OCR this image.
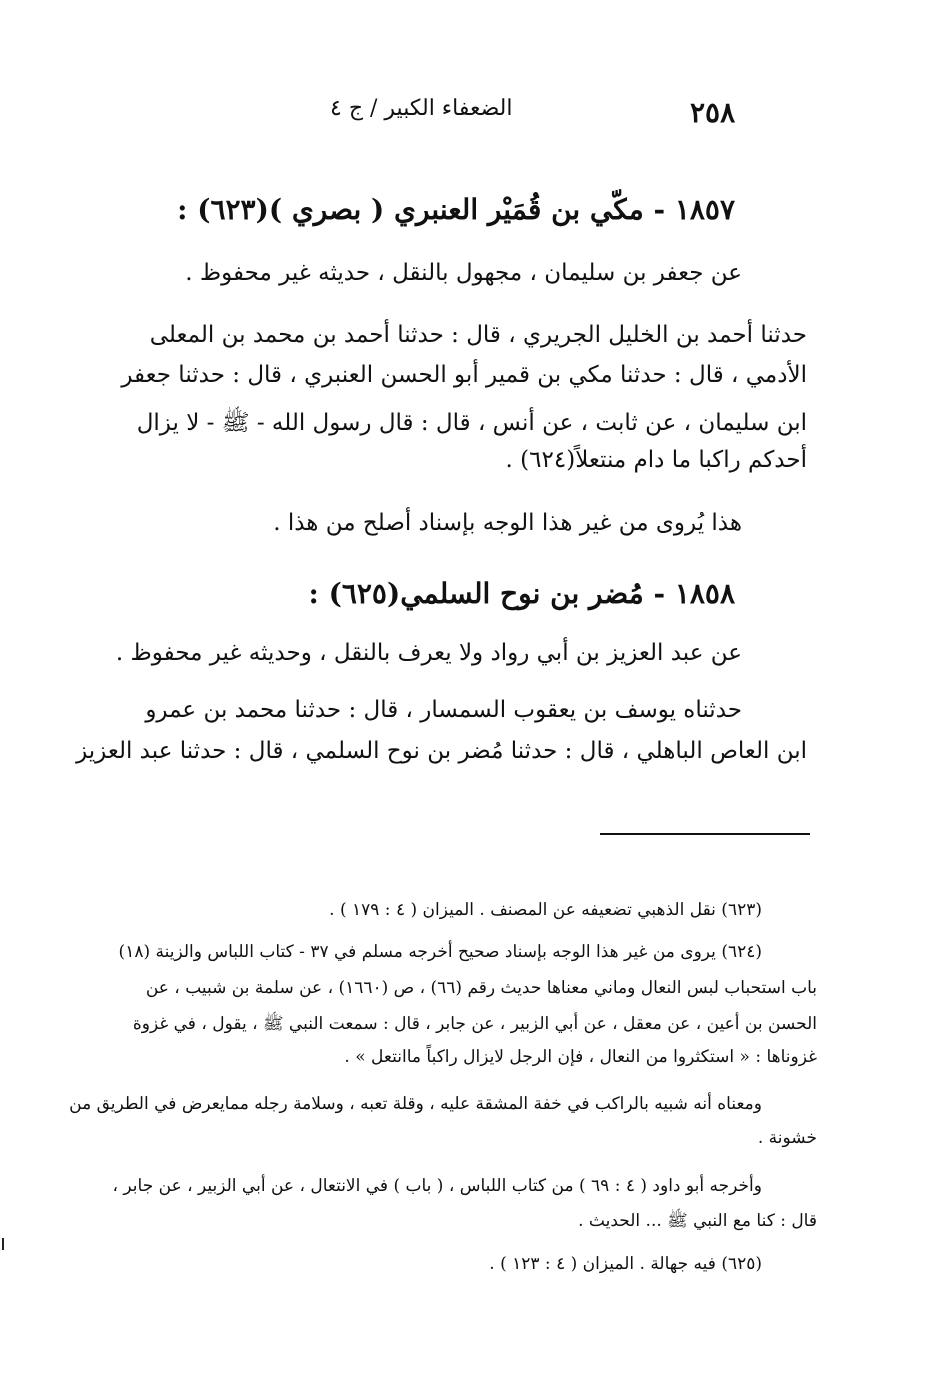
٢٥٨
الضعفاء الكبير / ج ٤
١٨٥٧ - مكّي بن قُمَيْر العنبري ( بصري )(٦٢٣) :
عن جعفر بن سليمان ، مجهول بالنقل ، حديثه غير محفوظ .
حدثنا أحمد بن الخليل الجريري ، قال : حدثنا أحمد بن محمد بن المعلى
الأدمي ، قال : حدثنا مكي بن قمير أبو الحسن العنبري ، قال : حدثنا جعفر
ابن سليمان ، عن ثابت ، عن أنس ، قال : قال رسول الله - ﷺ - لا يزال
أحدكم راكبا ما دام منتعلاً(٦٢٤) .
هذا يُروى من غير هذا الوجه بإسناد أصلح من هذا .
١٨٥٨ - مُضر بن نوح السلمي(٦٢٥) :
عن عبد العزيز بن أبي رواد ولا يعرف بالنقل ، وحديثه غير محفوظ .
حدثناه يوسف بن يعقوب السمسار ، قال : حدثنا محمد بن عمرو
ابن العاص الباهلي ، قال : حدثنا مُضر بن نوح السلمي ، قال : حدثنا عبد العزيز
(٦٢٣) نقل الذهبي تضعيفه عن المصنف . الميزان ( ٤ : ١٧٩ ) .
(٦٢٤) يروى من غير هذا الوجه بإسناد صحيح أخرجه مسلم في ٣٧ - كتاب اللباس والزينة (١٨)
باب استحباب لبس النعال وماني معناها حديث رقم (٦٦) ، ص (١٦٦٠) ، عن سلمة بن شبيب ، عن
الحسن بن أعين ، عن معقل ، عن أبي الزبير ، عن جابر ، قال : سمعت النبي ﷺ ، يقول ، في غزوة
غزوناها : « استكثروا من النعال ، فإن الرجل لايزال راكباً ماانتعل » .
ومعناه أنه شبيه بالراكب في خفة المشقة عليه ، وقلة تعبه ، وسلامة رجله ممايعرض في الطريق من
خشونة .
وأخرجه أبو داود ( ٤ : ٦٩ ) من كتاب اللباس ، ( باب ) في الانتعال ، عن أبي الزبير ، عن جابر ،
قال : كنا مع النبي ﷺ ... الحديث .
(٦٢٥) فيه جهالة . الميزان ( ٤ : ١٢٣ ) .
